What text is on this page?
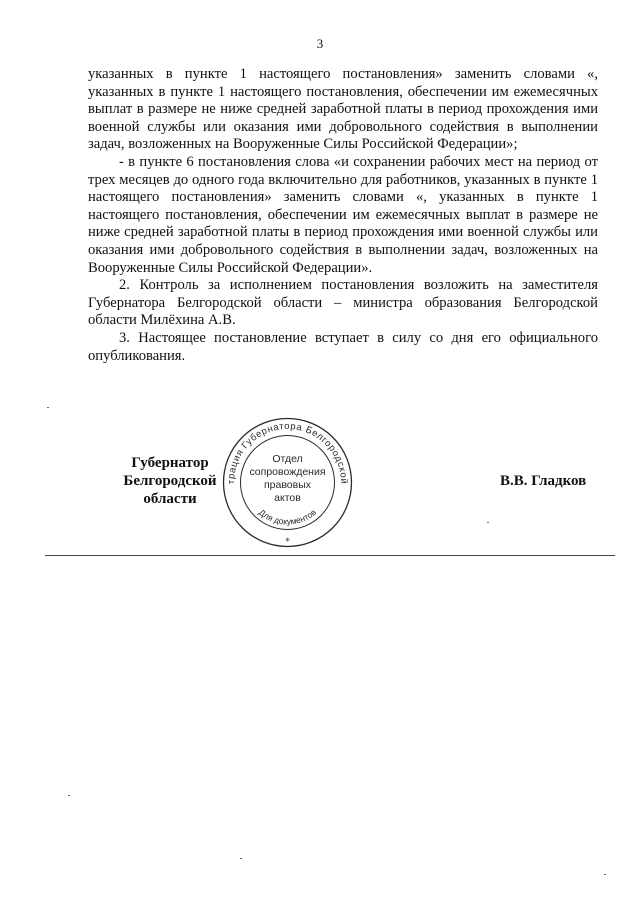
3

указанных в пункте 1 настоящего постановления» заменить словами «, указанных в пункте 1 настоящего постановления, обеспечении им ежемесячных выплат в размере не ниже средней заработной платы в период прохождения ими военной службы или оказания ими добровольного содействия в выполнении задач, возложенных на Вооруженные Силы Российской Федерации»;

- в пункте 6 постановления слова «и сохранении рабочих мест на период от трех месяцев до одного года включительно для работников, указанных в пункте 1 настоящего постановления» заменить словами «, указанных в пункте 1 настоящего постановления, обеспечении им ежемесячных выплат в размере не ниже средней заработной платы в период прохождения ими военной службы или оказания ими добровольного содействия в выполнении задач, возложенных на Вооруженные Силы Российской Федерации».

2. Контроль за исполнением постановления возложить на заместителя Губернатора Белгородской области – министра образования Белгородской области Милёхина А.В.

3. Настоящее постановление вступает в силу со дня его официального опубликования.

Губернатор
Белгородской области
трация Губернатора Белгородской
Для документов
*
Отдел
сопровождения
правовых
актов
В.В. Гладков
